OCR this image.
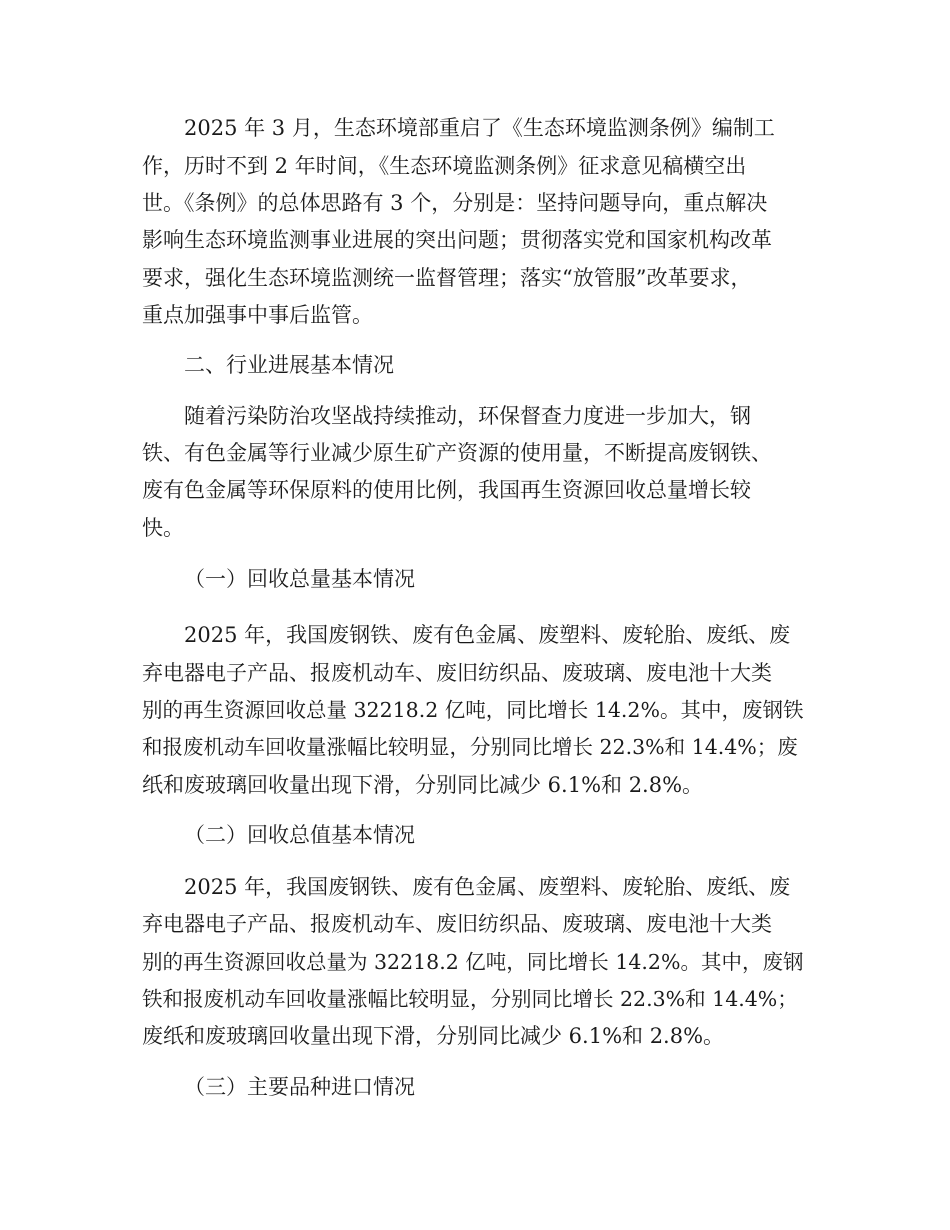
2025 年 3 月，生态环境部重启了《生态环境监测条例》编制工
作，历时不到 2 年时间，《生态环境监测条例》征求意见稿横空出
世。《条例》的总体思路有 3 个，分别是：坚持问题导向，重点解决
影响生态环境监测事业进展的突出问题；贯彻落实党和国家机构改革
要求，强化生态环境监测统一监督管理；落实“放管服”改革要求，
重点加强事中事后监管。
二、行业进展基本情况
随着污染防治攻坚战持续推动，环保督查力度进一步加大，钢
铁、有色金属等行业减少原生矿产资源的使用量，不断提高废钢铁、
废有色金属等环保原料的使用比例，我国再生资源回收总量增长较
快。
（一）回收总量基本情况
2025 年，我国废钢铁、废有色金属、废塑料、废轮胎、废纸、废
弃电器电子产品、报废机动车、废旧纺织品、废玻璃、废电池十大类
别的再生资源回收总量 32218.2 亿吨，同比增长 14.2%。其中，废钢铁
和报废机动车回收量涨幅比较明显，分别同比增长 22.3%和 14.4%；废
纸和废玻璃回收量出现下滑，分别同比减少 6.1%和 2.8%。
（二）回收总值基本情况
2025 年，我国废钢铁、废有色金属、废塑料、废轮胎、废纸、废
弃电器电子产品、报废机动车、废旧纺织品、废玻璃、废电池十大类
别的再生资源回收总量为 32218.2 亿吨，同比增长 14.2%。其中，废钢
铁和报废机动车回收量涨幅比较明显，分别同比增长 22.3%和 14.4%；
废纸和废玻璃回收量出现下滑，分别同比减少 6.1%和 2.8%。
（三）主要品种进口情况
